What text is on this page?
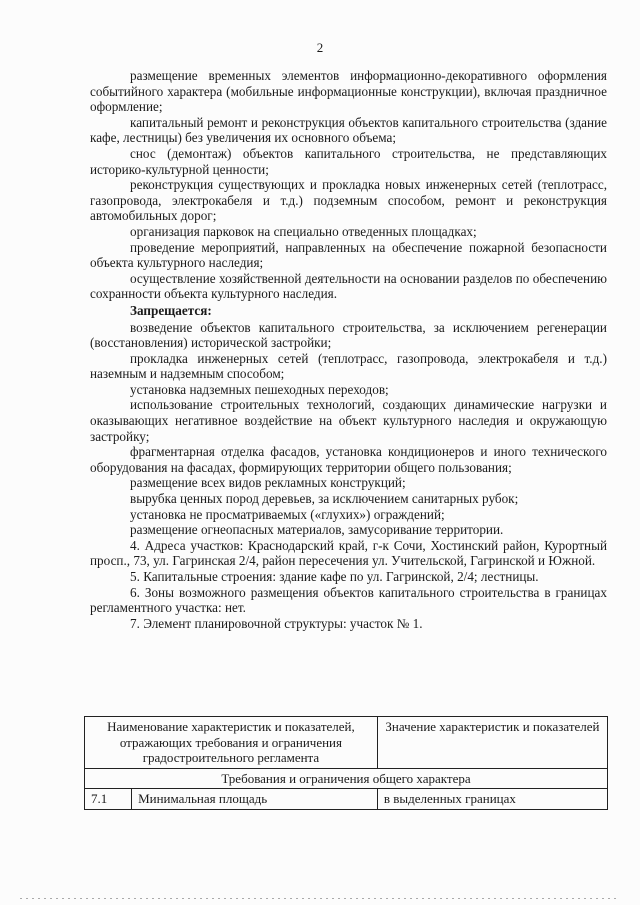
2

размещение временных элементов информационно-декоративного оформления событийного характера (мобильные информационные конструкции), включая праздничное оформление;

капитальный ремонт и реконструкция объектов капитального строительства (здание кафе, лестницы) без увеличения их основного объема;

снос (демонтаж) объектов капитального строительства, не представляющих историко-культурной ценности;

реконструкция существующих и прокладка новых инженерных сетей (теплотрасс, газопровода, электрокабеля и т.д.) подземным способом, ремонт и реконструкция автомобильных дорог;

организация парковок на специально отведенных площадках;

проведение мероприятий, направленных на обеспечение пожарной безопасности объекта культурного наследия;

осуществление хозяйственной деятельности на основании разделов по обеспечению сохранности объекта культурного наследия.

Запрещается:

возведение объектов капитального строительства, за исключением регенерации (восстановления) исторической застройки;

прокладка инженерных сетей (теплотрасс, газопровода, электрокабеля и т.д.) наземным и надземным способом;

установка надземных пешеходных переходов;

использование строительных технологий, создающих динамические нагрузки и оказывающих негативное воздействие на объект культурного наследия и окружающую застройку;

фрагментарная отделка фасадов, установка кондиционеров и иного технического оборудования на фасадах, формирующих территории общего пользования;

размещение всех видов рекламных конструкций;

вырубка ценных пород деревьев, за исключением санитарных рубок;

установка не просматриваемых («глухих») ограждений;

размещение огнеопасных материалов, замусоривание территории.

4. Адреса участков: Краснодарский край, г-к Сочи, Хостинский район, Курортный просп., 73, ул. Гагринская 2/4, район пересечения ул. Учительской, Гагринской и Южной.

5. Капитальные строения: здание кафе по ул. Гагринской, 2/4; лестницы.

6. Зоны возможного размещения объектов капитального строительства в границах регламентного участка: нет.

7. Элемент планировочной структуры: участок № 1.

Наименование характеристик и показателей, отражающих требования и ограничения градостроительного регламента		Значение характеристик и показателей
Требования и ограничения общего характера		
7.1	Минимальная площадь	в выделенных границах
